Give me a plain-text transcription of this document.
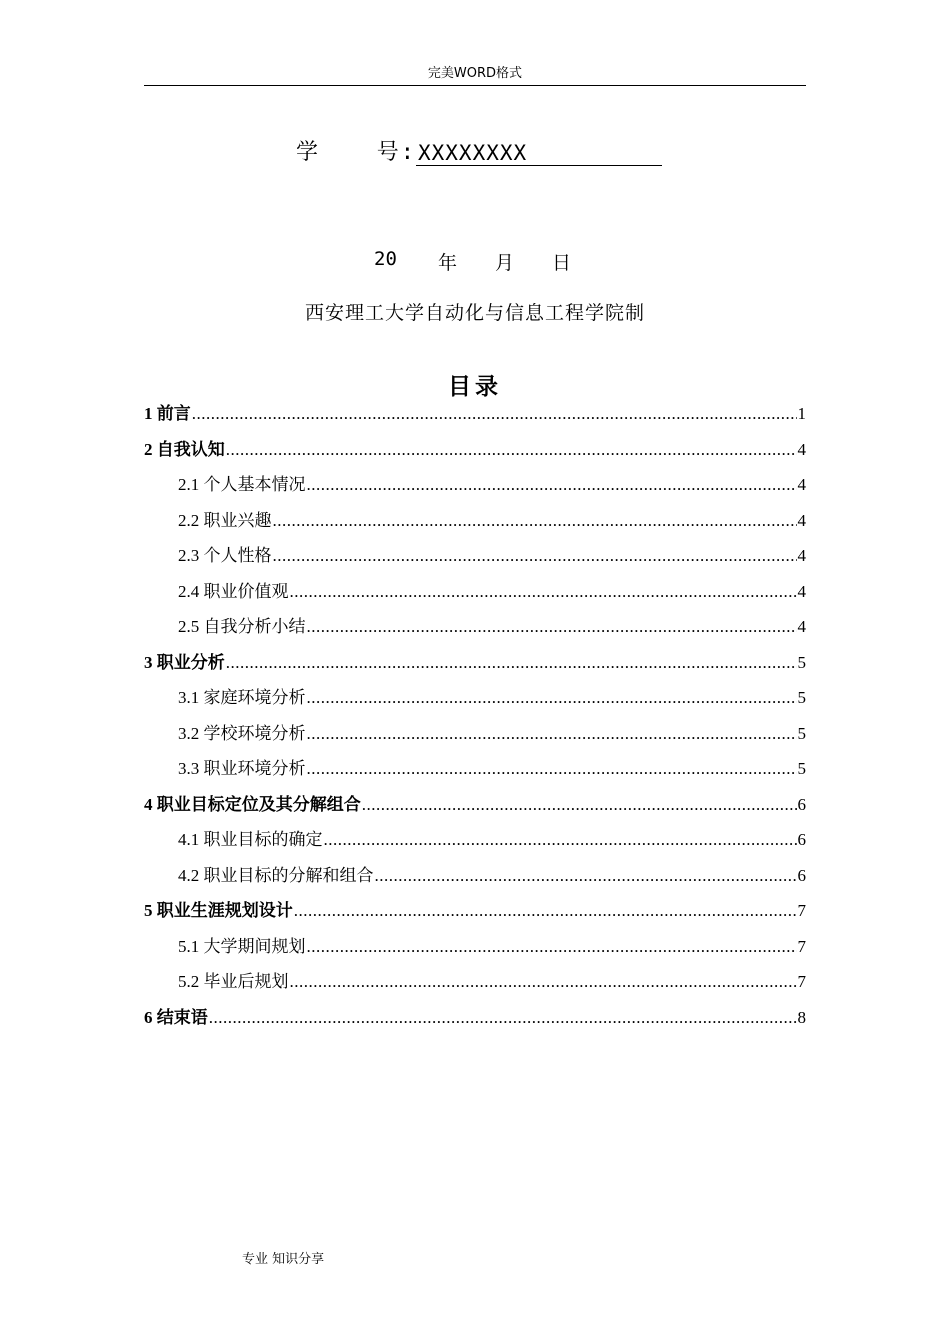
完美WORD格式
学	号: XXXXXXXX
20	年	月	日
西安理工大学自动化与信息工程学院制
目录
1 前言 .....	1
2 自我认知 .....	4
2.1 个人基本情况 .....	4
2.2 职业兴趣 .....	4
2.3 个人性格 .....	4
2.4 职业价值观 .....	4
2.5 自我分析小结 .....	4
3 职业分析 .....	5
3.1 家庭环境分析 .....	5
3.2 学校环境分析 .....	5
3.3 职业环境分析 .....	5
4 职业目标定位及其分解组合 .....	6
4.1 职业目标的确定 .....	6
4.2 职业目标的分解和组合 .....	6
5 职业生涯规划设计 .....	7
5.1 大学期间规划 .....	7
5.2 毕业后规划 .....	7
6 结束语 .....	8
专业 知识分享
